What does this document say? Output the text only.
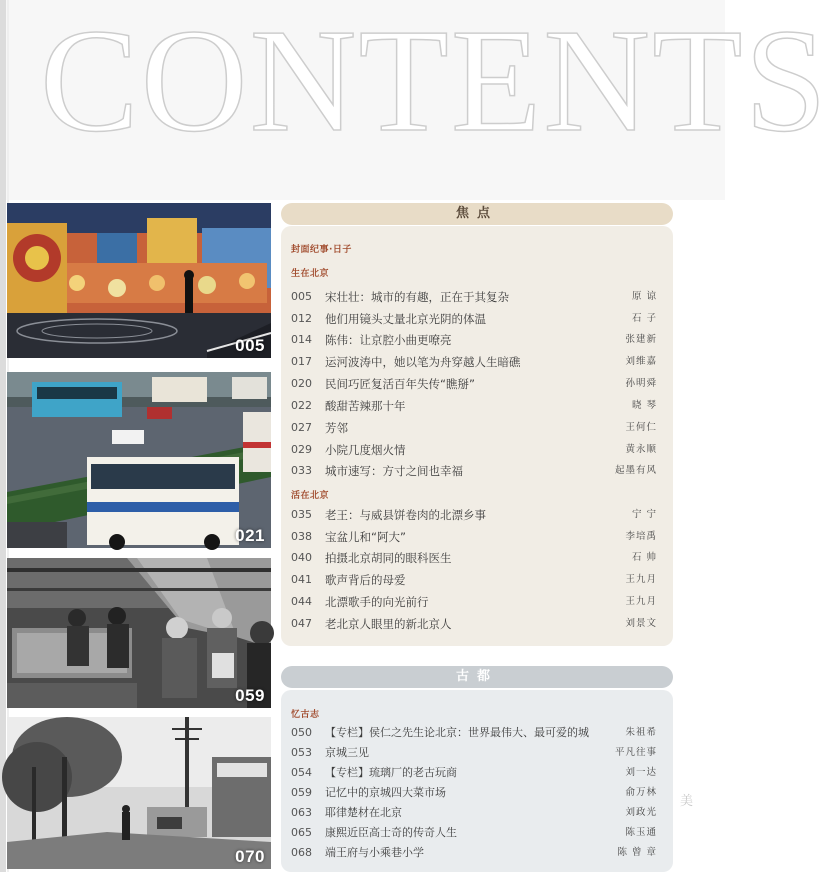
CONTENTS
005
021
059
070
焦点
封面纪事·日子
生在北京
005	宋壮壮：城市的有趣，正在于其复杂	原 谅
012	他们用镜头丈量北京光阴的体温	石 子
014	陈伟：让京腔小曲更嘹亮	张建新
017	运河波涛中，她以笔为舟穿越人生暗礁	刘维嘉
020	民间巧匠复活百年失传“瞧掰”	孙明舜
022	酸甜苦辣那十年	晓 琴
027	芳邻	王何仁
029	小院几度烟火情	黄永顺
033	城市速写：方寸之间也幸福	起墨有风
活在北京
035	老王：与威县饼卷肉的北漂乡事	宁 宁
038	宝盆儿和“阿大”	李培禹
040	拍摄北京胡同的眼科医生	石 帅
041	歌声背后的母爱	王九月
044	北漂歌手的向光前行	王九月
047	老北京人眼里的新北京人	刘景文
古都
忆古志
050	【专栏】侯仁之先生论北京：世界最伟大、最可爱的城	朱祖希
053	京城三见	平凡往事
054	【专栏】琉璃厂的老古玩商	刘一达
059	记忆中的京城四大菜市场	俞万林
063	耶律楚材在北京	刘政光
065	康熙近臣高士奇的传奇人生	陈玉通
068	端王府与小乘巷小学	陈 曾 章
美
